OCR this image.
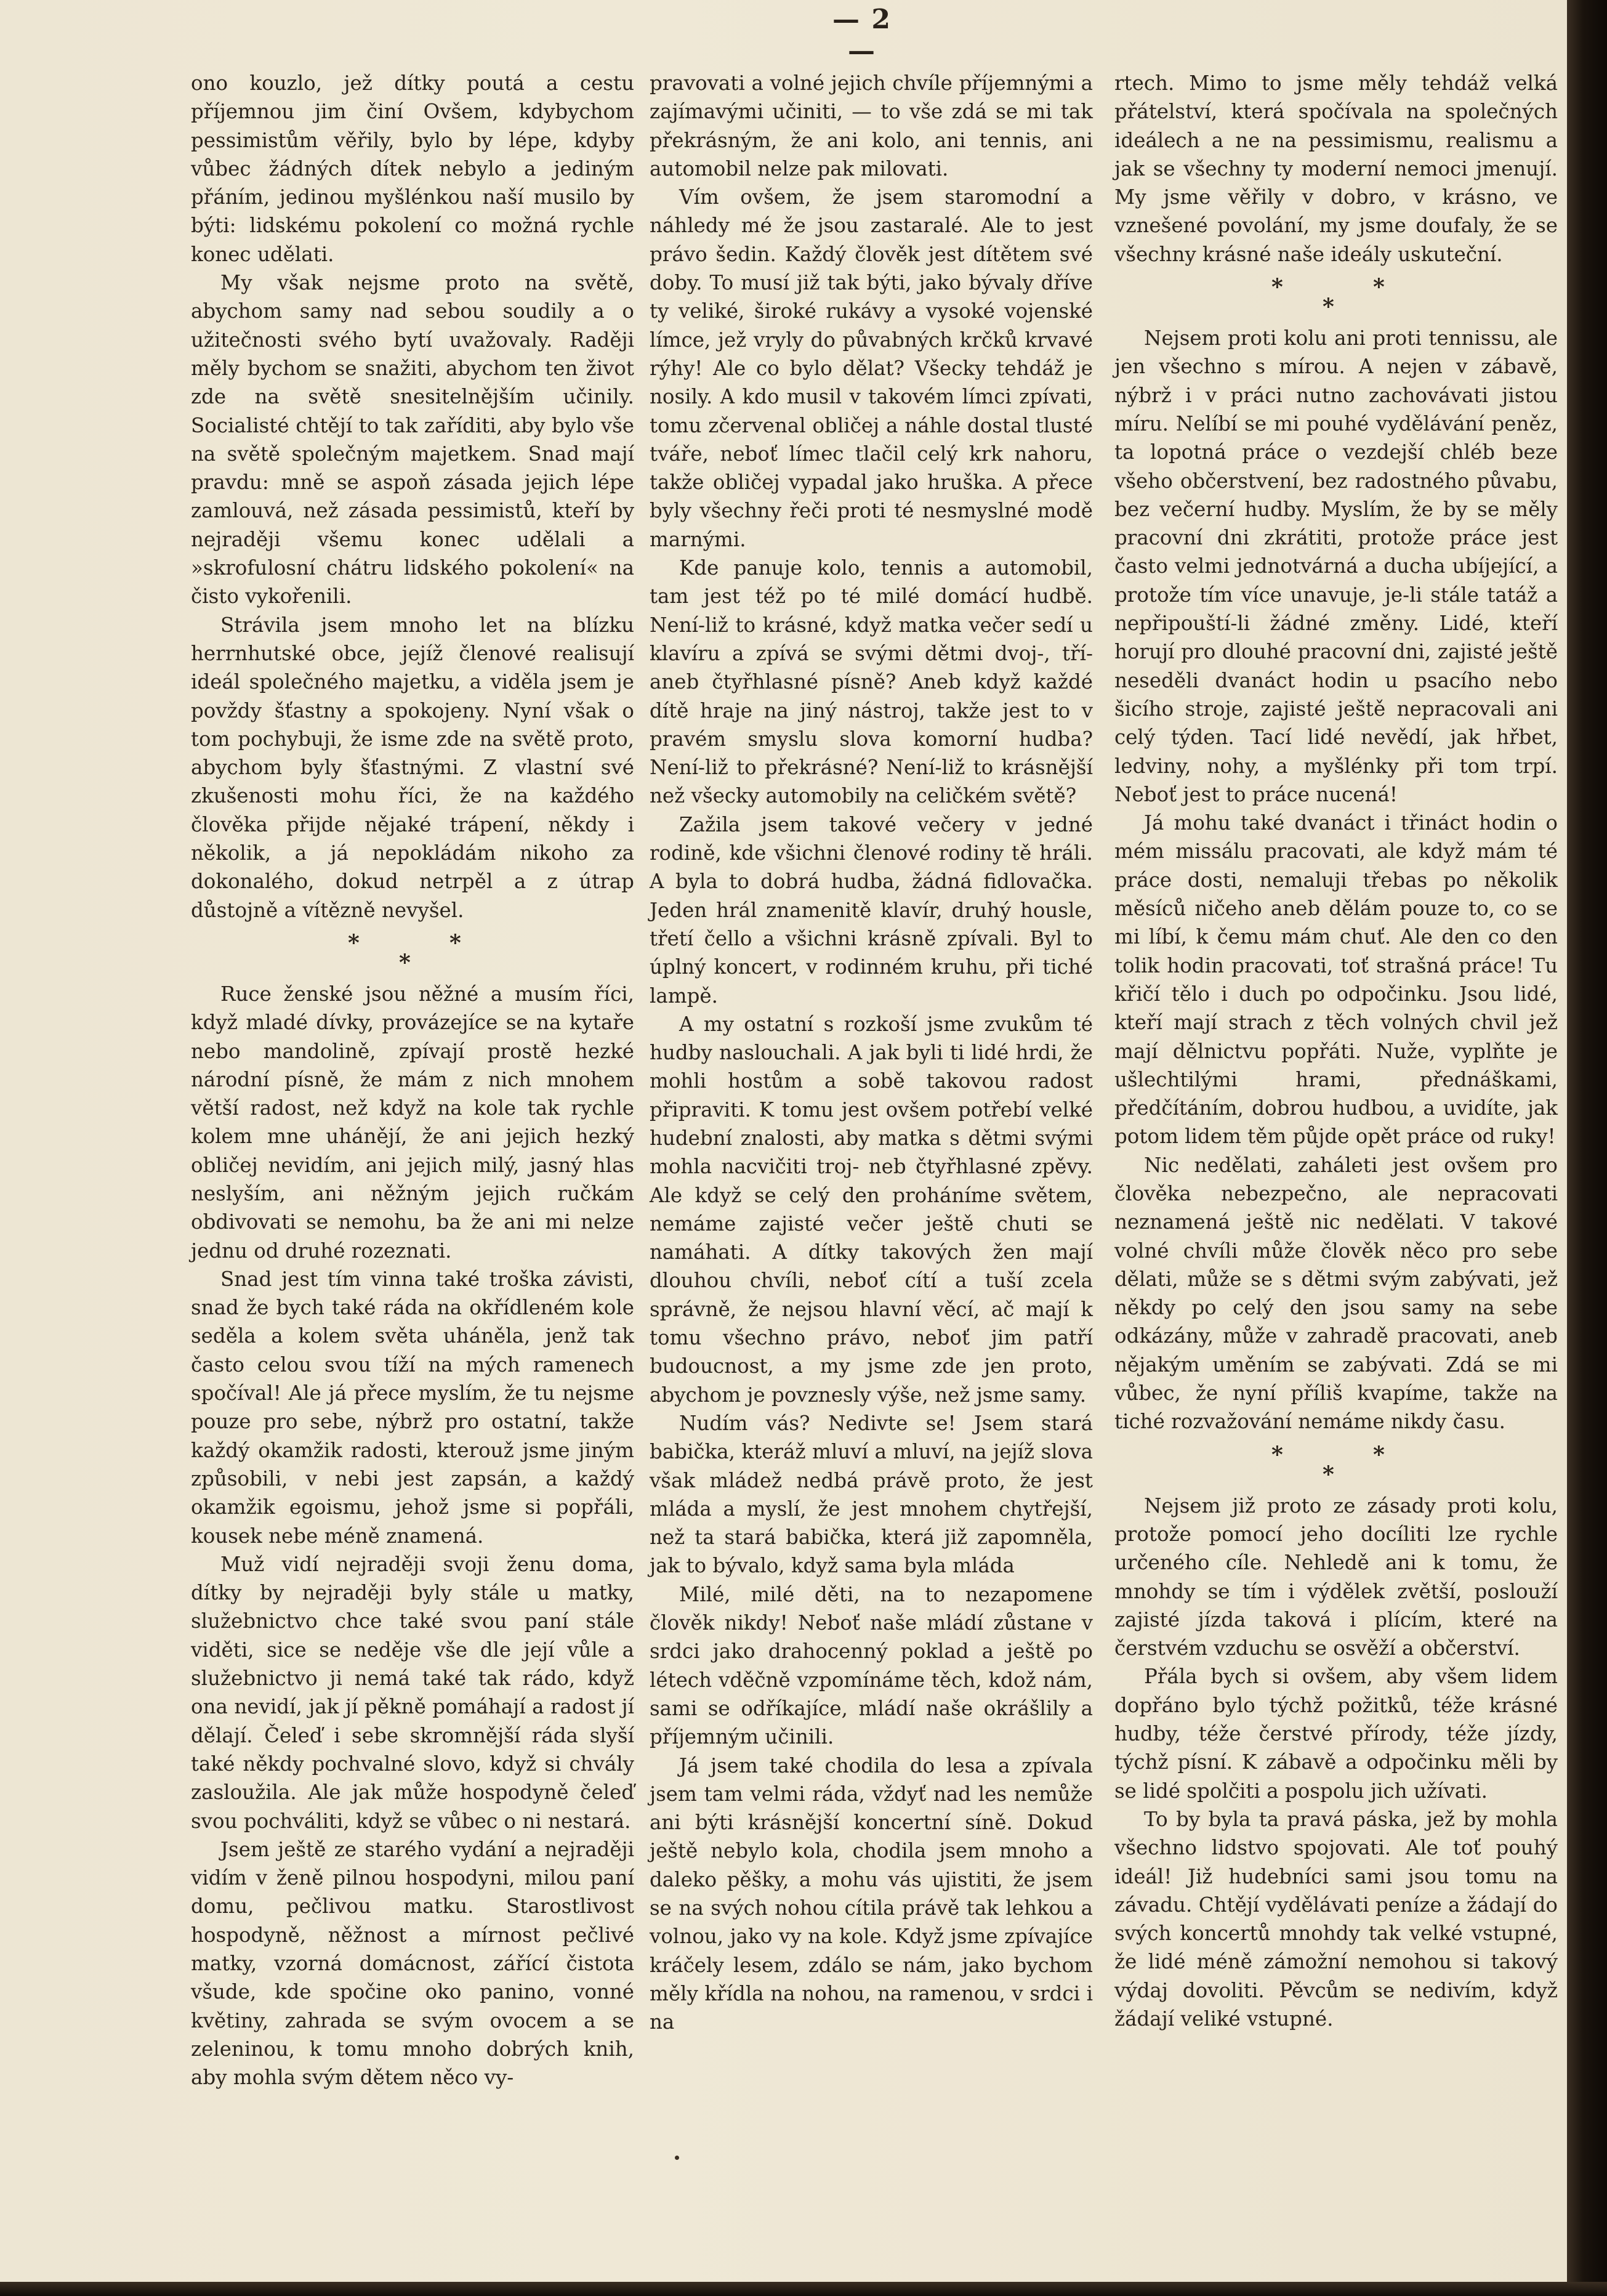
— 2 —

ono kouzlo, jež dítky poutá a cestu příjemnou jim činí Ovšem, kdybychom pessimistům věřily, bylo by lépe, kdyby vůbec žádných dítek nebylo a jediným přáním, jedinou myšlénkou naší musilo by býti: lidskému pokolení co možná rychle konec udělati.

My však nejsme proto na světě, abychom samy nad sebou soudily a o užitečnosti svého bytí uvažovaly. Raději měly bychom se snažiti, abychom ten život zde na světě snesitelnějším učinily. Socialisté chtějí to tak zaříditi, aby bylo vše na světě společným majetkem. Snad mají pravdu: mně se aspoň zásada jejich lépe zamlouvá, než zásada pessimistů, kteří by nejraději všemu konec udělali a »skrofulosní chátru lidského pokolení« na čisto vykořenili.

Strávila jsem mnoho let na blízku herrnhutské obce, jejíž členové realisují ideál společného majetku, a viděla jsem je povždy šťastny a spokojeny. Nyní však o tom pochybuji, že isme zde na světě proto, abychom byly šťastnými. Z vlastní své zkušenosti mohu říci, že na každého člověka přijde nějaké trápení, někdy i několik, a já nepokládám nikoho za dokonalého, dokud netrpěl a z útrap důstojně a vítězně nevyšel.

*	*
*

Ruce ženské jsou něžné a musím říci, když mladé dívky, provázejíce se na kytaře nebo mandolině, zpívají prostě hezké národní písně, že mám z nich mnohem větší radost, než když na kole tak rychle kolem mne uhánějí, že ani jejich hezký obličej nevidím, ani jejich milý, jasný hlas neslyším, ani něžným jejich ručkám obdivovati se nemohu, ba že ani mi nelze jednu od druhé rozeznati.

Snad jest tím vinna také troška závisti, snad že bych také ráda na okřídleném kole seděla a kolem světa uháněla, jenž tak často celou svou tíží na mých ramenech spočíval! Ale já přece myslím, že tu nejsme pouze pro sebe, nýbrž pro ostatní, takže každý okamžik radosti, kterouž jsme jiným způsobili, v nebi jest zapsán, a každý okamžik egoismu, jehož jsme si popřáli, kousek nebe méně znamená.

Muž vidí nejraději svoji ženu doma, dítky by nejraději byly stále u matky, služebnictvo chce také svou paní stále viděti, sice se neděje vše dle její vůle a služebnictvo ji nemá také tak rádo, když ona nevidí, jak jí pěkně pomáhají a radost jí dělají. Čeleď i sebe skromnější ráda slyší také někdy pochvalné slovo, když si chvály zasloužila. Ale jak může hospodyně čeleď svou pochváliti, když se vůbec o ni nestará.

Jsem ještě ze starého vydání a nejraději vidím v ženě pilnou hospodyni, milou paní domu, pečlivou matku. Starostlivost hospodyně, něžnost a mírnost pečlivé matky, vzorná domácnost, zářící čistota všude, kde spočine oko panino, vonné květiny, zahrada se svým ovocem a se zeleninou, k tomu mnoho dobrých knih, aby mohla svým dětem něco vy-

pravovati a volné jejich chvíle příjemnými a zajímavými učiniti, — to vše zdá se mi tak překrásným, že ani kolo, ani tennis, ani automobil nelze pak milovati.

Vím ovšem, že jsem staromodní a náhledy mé že jsou zastaralé. Ale to jest právo šedin. Každý člověk jest dítětem své doby. To musí již tak býti, jako bývaly dříve ty veliké, široké rukávy a vysoké vojenské límce, jež vryly do půvabných krčků krvavé rýhy! Ale co bylo dělat? Všecky tehdáž je nosily. A kdo musil v takovém límci zpívati, tomu zčervenal obličej a náhle dostal tlusté tváře, neboť límec tlačil celý krk nahoru, takže obličej vypadal jako hruška. A přece byly všechny řeči proti té nesmyslné modě marnými.

Kde panuje kolo, tennis a automobil, tam jest též po té milé domácí hudbě. Není-liž to krásné, když matka večer sedí u klavíru a zpívá se svými dětmi dvoj-, tří- aneb čtyřhlasné písně? Aneb když každé dítě hraje na jiný nástroj, takže jest to v pravém smyslu slova komorní hudba? Není-liž to překrásné? Není-liž to krásnější než všecky automobily na celičkém světě?

Zažila jsem takové večery v jedné rodině, kde všichni členové rodiny tě hráli. A byla to dobrá hudba, žádná fidlovačka. Jeden hrál znamenitě klavír, druhý housle, třetí čello a všichni krásně zpívali. Byl to úplný koncert, v rodinném kruhu, při tiché lampě.

A my ostatní s rozkoší jsme zvukům té hudby naslouchali. A jak byli ti lidé hrdi, že mohli hostům a sobě takovou radost připraviti. K tomu jest ovšem potřebí velké hudební znalosti, aby matka s dětmi svými mohla nacvičiti troj- neb čtyřhlasné zpěvy. Ale když se celý den proháníme světem, nemáme zajisté večer ještě chuti se namáhati. A dítky takových žen mají dlouhou chvíli, neboť cítí a tuší zcela správně, že nejsou hlavní věcí, ač mají k tomu všechno právo, neboť jim patří budoucnost, a my jsme zde jen proto, abychom je povznesly výše, než jsme samy.

Nudím vás? Nedivte se! Jsem stará babička, kteráž mluví a mluví, na jejíž slova však mládež nedbá právě proto, že jest mláda a myslí, že jest mnohem chytřejší, než ta stará babička, která již zapomněla, jak to bývalo, když sama byla mláda

Milé, milé děti, na to nezapomene člověk nikdy! Neboť naše mládí zůstane v srdci jako drahocenný poklad a ještě po létech vděčně vzpomínáme těch, kdož nám, sami se odříkajíce, mládí naše okrášlily a příjemným učinili.

Já jsem také chodila do lesa a zpívala jsem tam velmi ráda, vždyť nad les nemůže ani býti krásnější koncertní síně. Dokud ještě nebylo kola, chodila jsem mnoho a daleko pěšky, a mohu vás ujistiti, že jsem se na svých nohou cítila právě tak lehkou a volnou, jako vy na kole. Když jsme zpívajíce kráčely lesem, zdálo se nám, jako bychom měly křídla na nohou, na ramenou, v srdci i na

rtech. Mimo to jsme měly tehdáž velká přátelství, která spočívala na společných ideálech a ne na pessimismu, realismu a jak se všechny ty moderní nemoci jmenují. My jsme věřily v dobro, v krásno, ve vznešené povolání, my jsme doufaly, že se všechny krásné naše ideály uskuteční.

*	*
*

Nejsem proti kolu ani proti tennissu, ale jen všechno s mírou. A nejen v zábavě, nýbrž i v práci nutno zachovávati jistou míru. Nelíbí se mi pouhé vydělávání peněz, ta lopotná práce o vezdejší chléb beze všeho občerstvení, bez radostného půvabu, bez večerní hudby. Myslím, že by se měly pracovní dni zkrátiti, protože práce jest často velmi jednotvárná a ducha ubíjející, a protože tím více unavuje, je-li stále tatáž a nepřipouští-li žádné změny. Lidé, kteří horují pro dlouhé pracovní dni, zajisté ještě neseděli dvanáct hodin u psacího nebo šicího stroje, zajisté ještě nepracovali ani celý týden. Tací lidé nevědí, jak hřbet, ledviny, nohy, a myšlénky při tom trpí. Neboť jest to práce nucená!

Já mohu také dvanáct i třináct hodin o mém missálu pracovati, ale když mám té práce dosti, nemaluji třebas po několik měsíců ničeho aneb dělám pouze to, co se mi líbí, k čemu mám chuť. Ale den co den tolik hodin pracovati, toť strašná práce! Tu křičí tělo i duch po odpočinku. Jsou lidé, kteří mají strach z těch volných chvil jež mají dělnictvu popřáti. Nuže, vyplňte je ušlechtilými hrami, přednáškami, předčítáním, dobrou hudbou, a uvidíte, jak potom lidem těm půjde opět práce od ruky!

Nic nedělati, zaháleti jest ovšem pro člověka nebezpečno, ale nepracovati neznamená ještě nic nedělati. V takové volné chvíli může člověk něco pro sebe dělati, může se s dětmi svým zabývati, jež někdy po celý den jsou samy na sebe odkázány, může v zahradě pracovati, aneb nějakým uměním se zabývati. Zdá se mi vůbec, že nyní příliš kvapíme, takže na tiché rozvažování nemáme nikdy času.

*	*
*

Nejsem již proto ze zásady proti kolu, protože pomocí jeho docíliti lze rychle určeného cíle. Nehledě ani k tomu, že mnohdy se tím i výdělek zvětší, poslouží zajisté jízda taková i plícím, které na čerstvém vzduchu se osvěží a občerství.

Přála bych si ovšem, aby všem lidem dopřáno bylo týchž požitků, téže krásné hudby, téže čerstvé přírody, téže jízdy, týchž písní. K zábavě a odpočinku měli by se lidé spolčiti a pospolu jich užívati.

To by byla ta pravá páska, jež by mohla všechno lidstvo spojovati. Ale toť pouhý ideál! Již hudebníci sami jsou tomu na závadu. Chtějí vydělávati peníze a žádají do svých koncertů mnohdy tak velké vstupné, že lidé méně zámožní nemohou si takový výdaj dovoliti. Pěvcům se nedivím, když žádají veliké vstupné.
